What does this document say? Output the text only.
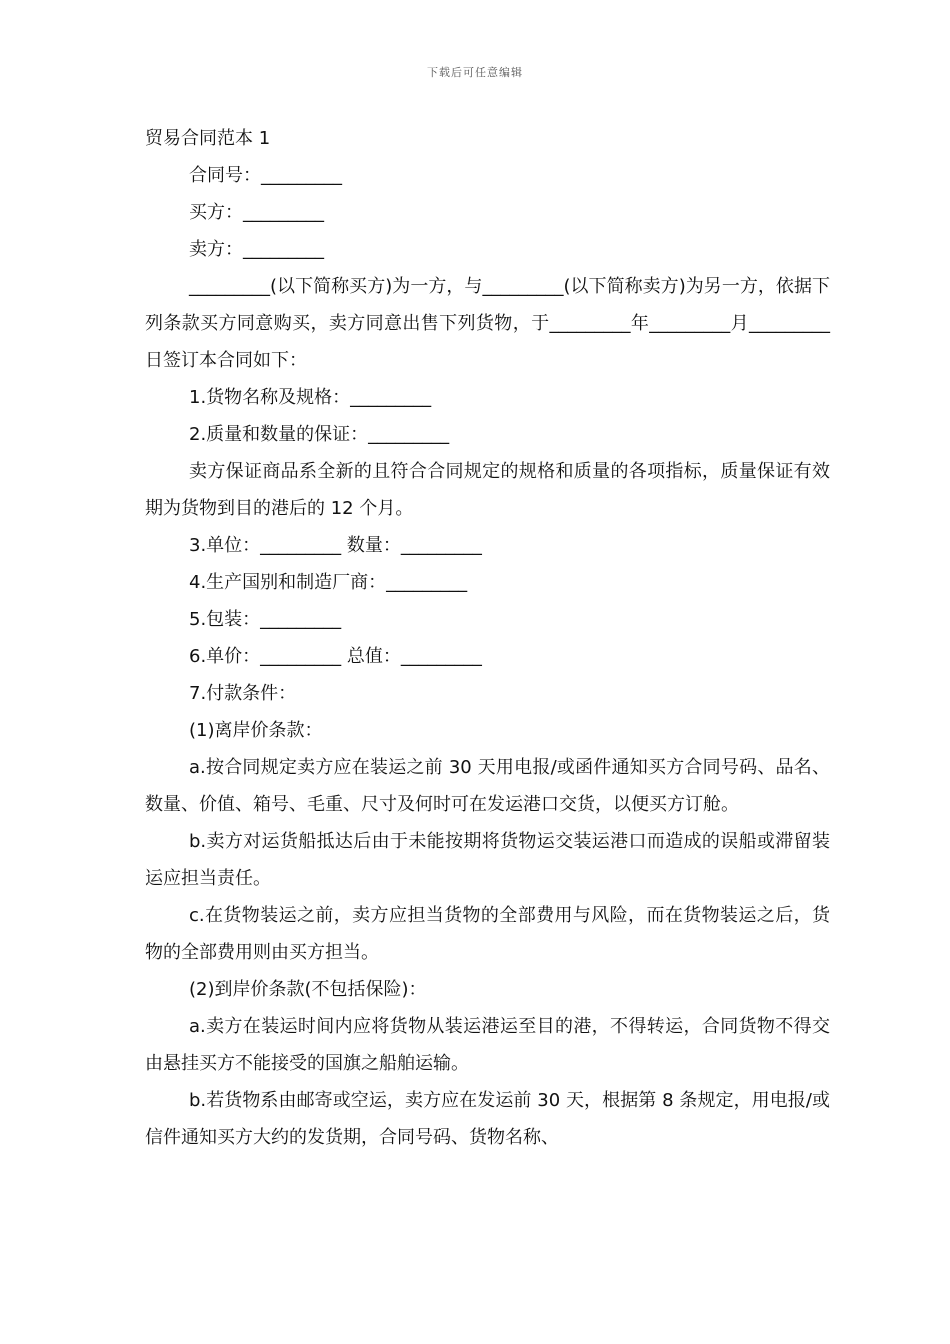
下载后可任意编辑

贸易合同范本 1

合同号：_________

买方：_________

卖方：_________

_________(以下简称买方)为一方，与_________(以下简称卖方)为另一方，依据下列条款买方同意购买，卖方同意出售下列货物，于_________年_________月_________日签订本合同如下：

1.货物名称及规格：_________

2.质量和数量的保证：_________

卖方保证商品系全新的且符合合同规定的规格和质量的各项指标，质量保证有效期为货物到目的港后的 12 个月。

3.单位：_________ 数量：_________

4.生产国别和制造厂商：_________

5.包装：_________

6.单价：_________ 总值：_________

7.付款条件：

(1)离岸价条款：

a.按合同规定卖方应在装运之前 30 天用电报/或函件通知买方合同号码、品名、数量、价值、箱号、毛重、尺寸及何时可在发运港口交货，以便买方订舱。

b.卖方对运货船抵达后由于未能按期将货物运交装运港口而造成的误船或滞留装运应担当责任。

c.在货物装运之前，卖方应担当货物的全部费用与风险，而在货物装运之后，货物的全部费用则由买方担当。

(2)到岸价条款(不包括保险)：

a.卖方在装运时间内应将货物从装运港运至目的港，不得转运，合同货物不得交由悬挂买方不能接受的国旗之船舶运输。

b.若货物系由邮寄或空运，卖方应在发运前 30 天，根据第 8 条规定，用电报/或信件通知买方大约的发货期，合同号码、货物名称、
